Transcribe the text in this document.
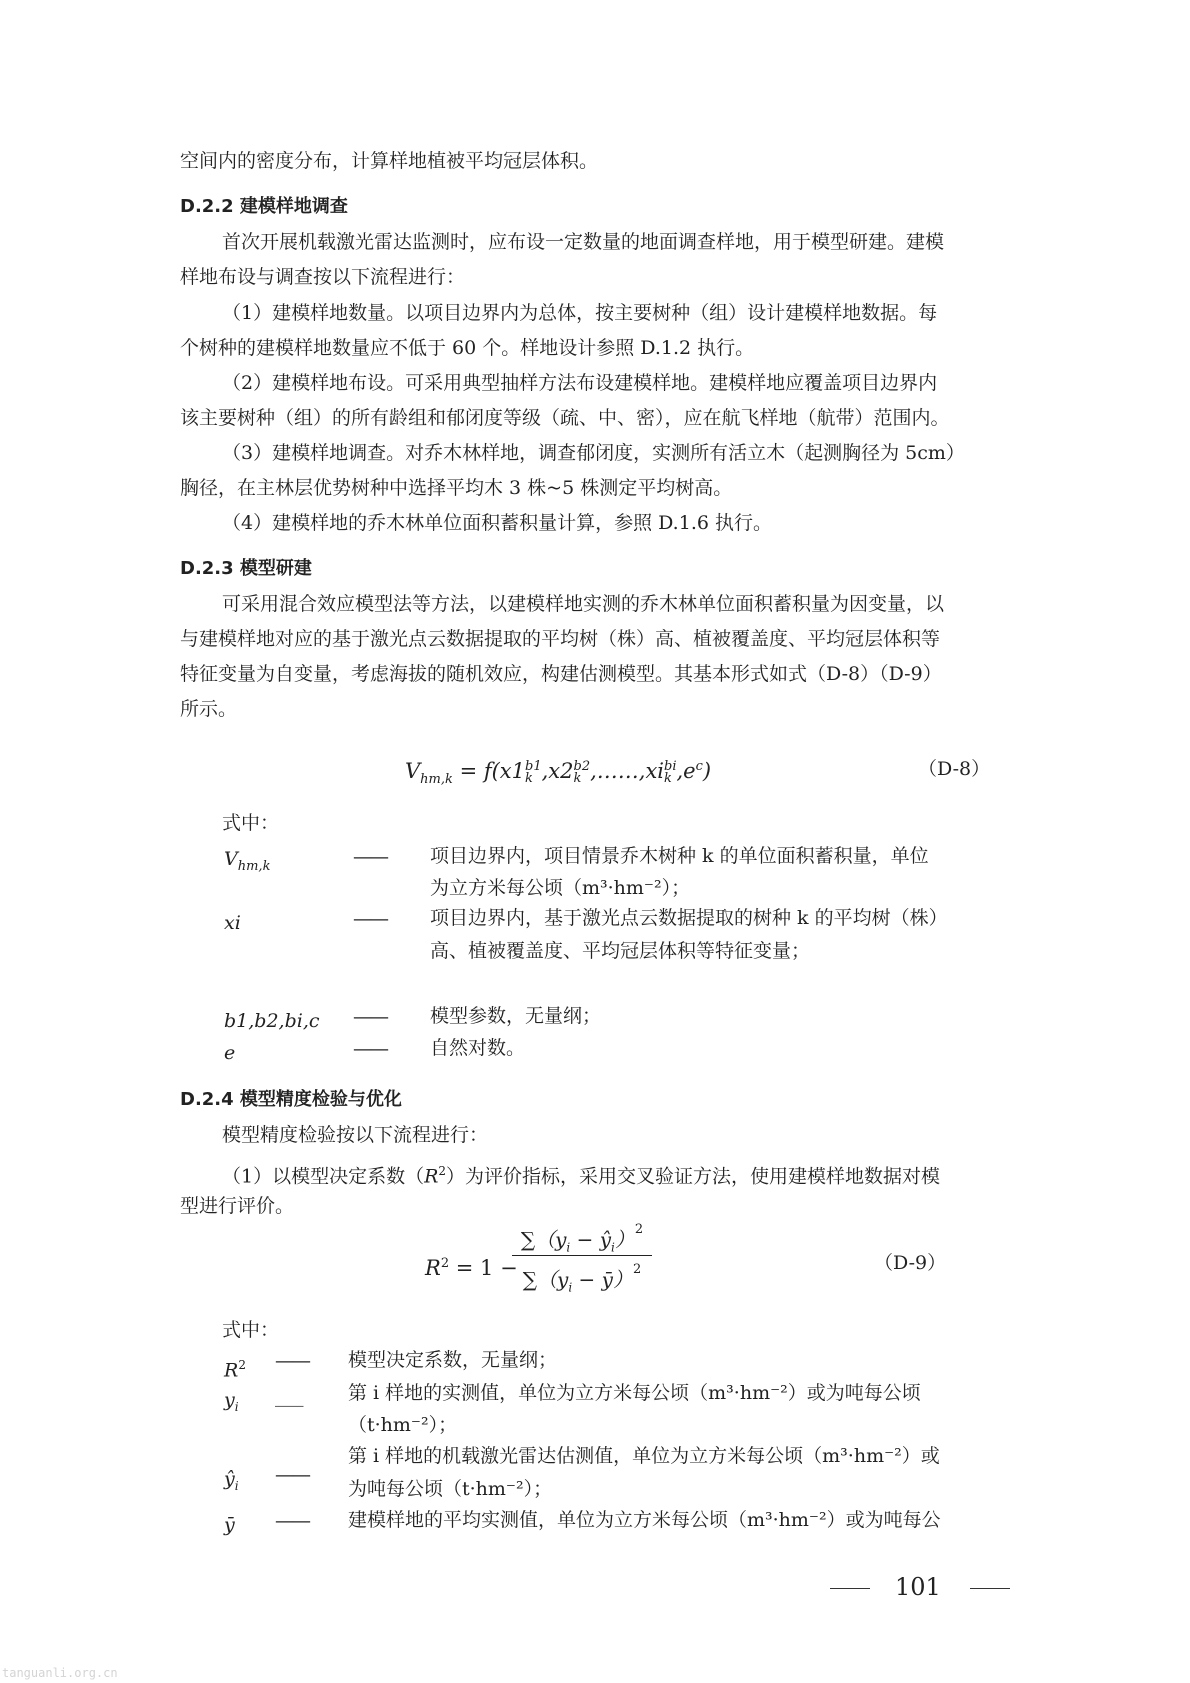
空间内的密度分布，计算样地植被平均冠层体积。
D.2.2 建模样地调查
首次开展机载激光雷达监测时，应布设一定数量的地面调查样地，用于模型研建。建模
样地布设与调查按以下流程进行：
（1）建模样地数量。以项目边界内为总体，按主要树种（组）设计建模样地数据。每
个树种的建模样地数量应不低于 60 个。样地设计参照 D.1.2 执行。
（2）建模样地布设。可采用典型抽样方法布设建模样地。建模样地应覆盖项目边界内
该主要树种（组）的所有龄组和郁闭度等级（疏、中、密），应在航飞样地（航带）范围内。
（3）建模样地调查。对乔木林样地，调查郁闭度，实测所有活立木（起测胸径为 5cm）
胸径，在主林层优势树种中选择平均木 3 株~5 株测定平均树高。
（4）建模样地的乔木林单位面积蓄积量计算，参照 D.1.6 执行。
D.2.3 模型研建
可采用混合效应模型法等方法，以建模样地实测的乔木林单位面积蓄积量为因变量，以
与建模样地对应的基于激光点云数据提取的平均树（株）高、植被覆盖度、平均冠层体积等
特征变量为自变量，考虑海拔的随机效应，构建估测模型。其基本形式如式（D-8）（D-9）
所示。
$V_{hm,k} = f(x1$ b1
k ,x2 b2
k ,……,xi bi
k $,e^c$)	（D-8）
式中：
$V_{hm,k}$	—— 项目边界内，项目情景乔木树种 k 的单位面积蓄积量，单位
为立方米每公顷（m³·hm⁻²）；
xi	—— 项目边界内，基于激光点云数据提取的树种 k 的平均树（株）
高、植被覆盖度、平均冠层体积等特征变量；
b1,b2,bi,c —— 模型参数，无量纲；
e	—— 自然对数。
D.2.4 模型精度检验与优化
模型精度检验按以下流程进行：
（1）以模型决定系数$(R^2)$为评价指标，采用交叉验证方法，使用建模样地数据对模
型进行评价。
$R^2 = 1$ −
$\sum(y_i$ − $ŷ_i)^2$
$\sum(y_i$ − ȳ）$^2$	（D-9）
式中：
$R^2$ —— 模型决定系数，无量纲；
$y_i$ ___ 第 i 样地的实测值，单位为立方米每公顷（m³·hm⁻²）或为吨每公顷
（t·hm⁻²）；
$ŷ_i$ ——
第 i 样地的机载激光雷达估测值，单位为立方米每公顷（m³·hm⁻²）或
为吨每公顷（t·hm⁻²）；
ȳ —— 建模样地的平均实测值，单位为立方米每公顷（m³·hm⁻²）或为吨每公
101
tanguanli.org.cn
